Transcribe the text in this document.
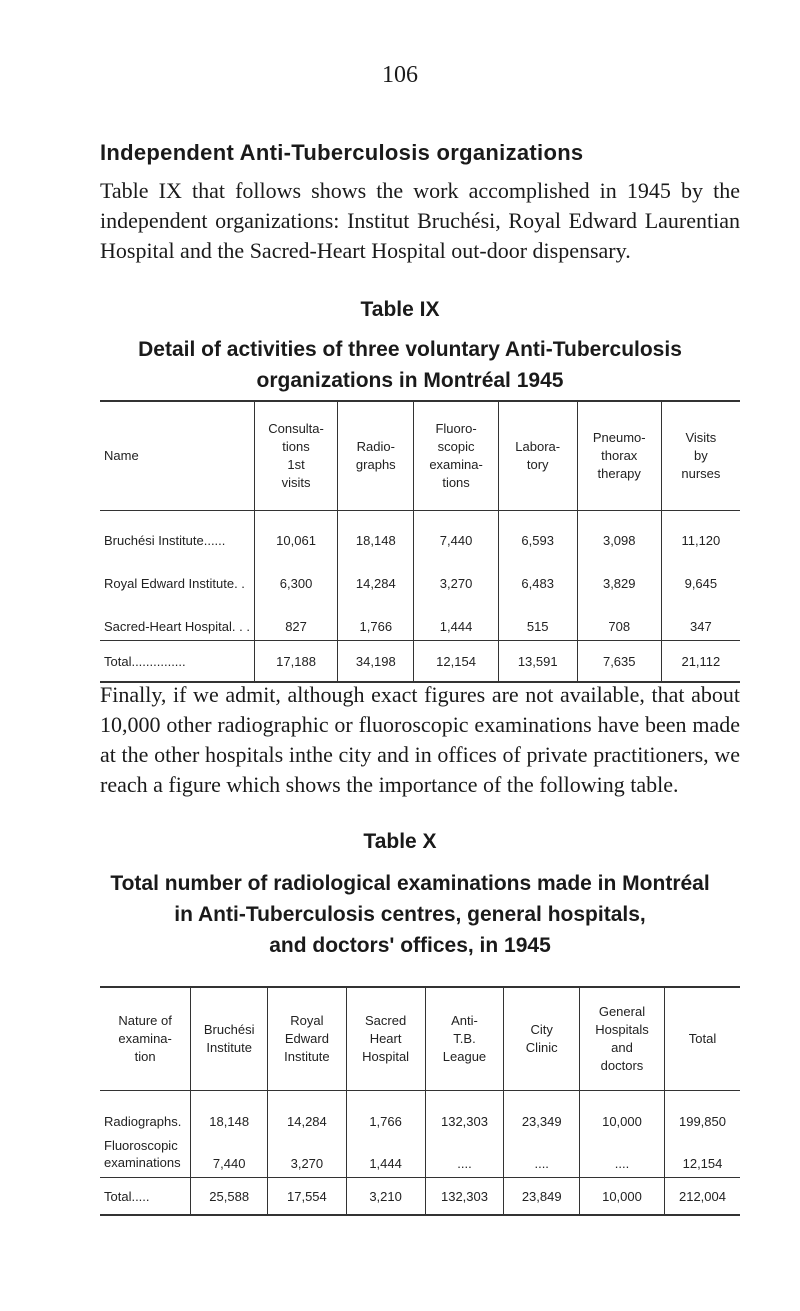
106
Independent Anti-Tuberculosis organizations

Table IX that follows shows the work accomplished in 1945 by the independent organizations: Institut Bruchési, Royal Edward Laurentian Hospital and the Sacred-Heart Hospital out-door dispensary.

Table IX
Detail of activities of three voluntary Anti-Tuberculosis
organizations in Montréal 1945
Name	Consulta-
tions
1st
visits	Radio-
graphs	Fluoro-
scopic
examina-
tions	Labora-
tory	Pneumo-
thorax
therapy	Visits
by
nurses
Bruchési Institute......	10,061	18,148	7,440	6,593	3,098	11,120
Royal Edward Institute. .	6,300	14,284	3,270	6,483	3,829	9,645
Sacred-Heart Hospital. . .	827	1,766	1,444	515	708	347
Total...............	17,188	34,198	12,154	13,591	7,635	21,112

Finally, if we admit, although exact figures are not available, that about 10,000 other radiographic or fluoroscopic examinations have been made at the other hospitals inthe city and in offices of private practitioners, we reach a figure which shows the importance of the following table.

Table X
Total number of radiological examinations made in Montréal
in Anti-Tuberculosis centres, general hospitals,
and doctors' offices, in 1945
Nature of
examina-
tion	Bruchési
Institute	Royal
Edward
Institute	Sacred
Heart
Hospital	Anti-
T.B.
League	City
Clinic	General
Hospitals
and
doctors	Total
Radiographs.	18,148	14,284	1,766	132,303	23,349	10,000	199,850
Fluoroscopic
examinations	7,440	3,270	1,444	....	....	....	12,154
Total.....	25,588	17,554	3,210	132,303	23,849	10,000	212,004
